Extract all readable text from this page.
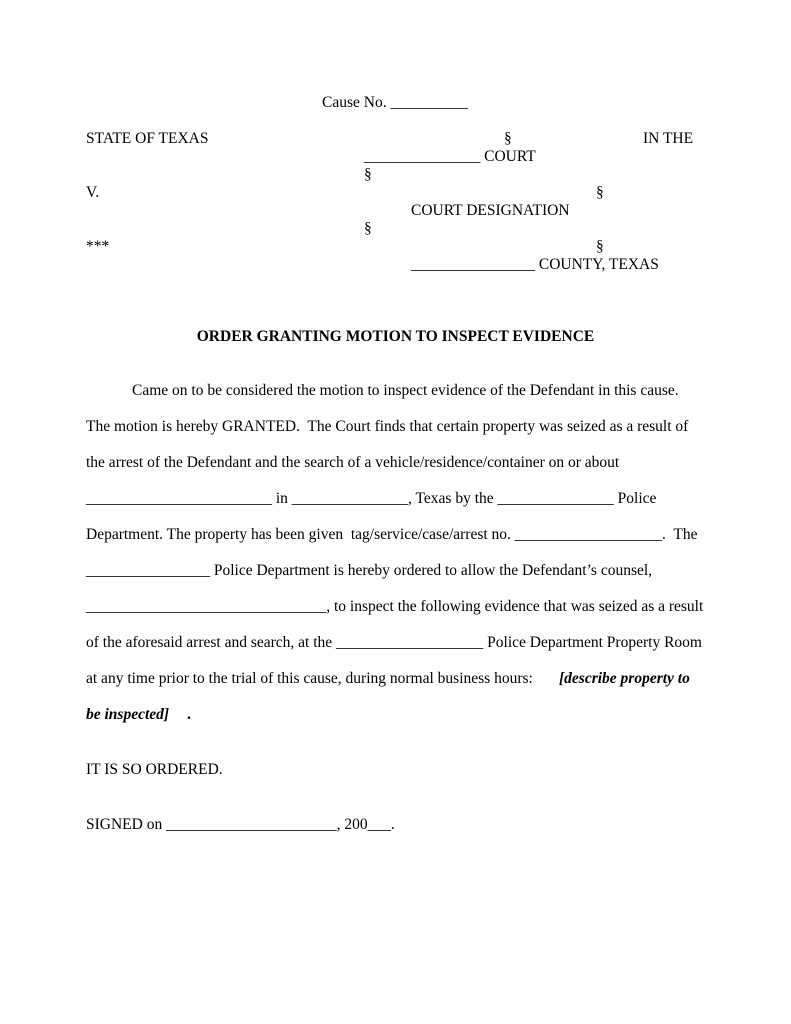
Cause No. __________
STATE OF TEXAS	§	IN THE
_______________ COURT
§
V.	§
COURT DESIGNATION
§
***	§
________________ COUNTY, TEXAS
ORDER GRANTING MOTION TO INSPECT EVIDENCE
Came on to be considered the motion to inspect evidence of the Defendant in this cause.
The motion is hereby GRANTED.  The Court finds that certain property was seized as a result of
the arrest of the Defendant and the search of a vehicle/residence/container on or about
________________________ in _______________, Texas by the _______________ Police
Department. The property has been given  tag/service/case/arrest no. ___________________.  The
________________ Police Department is hereby ordered to allow the Defendant’s counsel,
_______________________________, to inspect the following evidence that was seized as a result
of the aforesaid arrest and search, at the ___________________ Police Department Property Room
at any time prior to the trial of this cause, during normal business hours: [describe property to
be inspected] .
IT IS SO ORDERED.
SIGNED on ______________________, 200___.
